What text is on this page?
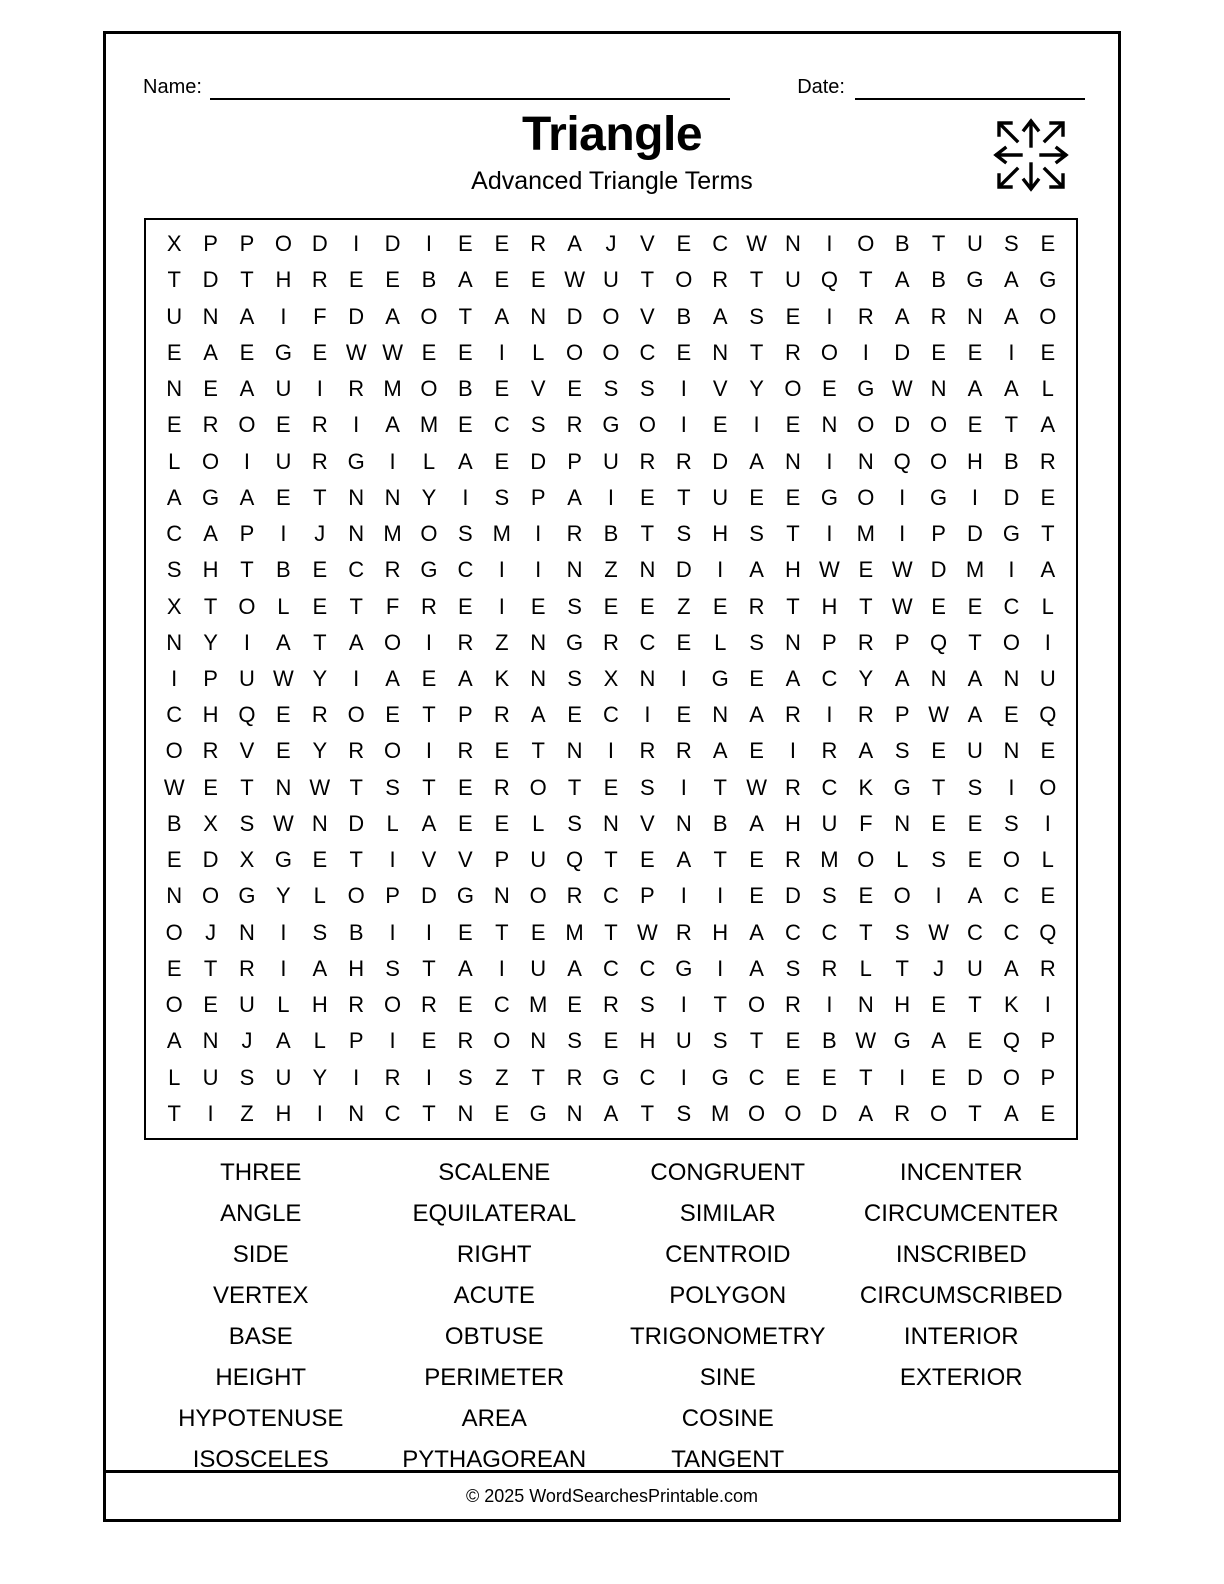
Name:	Date:
Triangle
Advanced Triangle Terms
X P P O D	I	D	I	E E R A	J	V E C W N	I	O B	T U S E
T D T H R E E B A E E W U T O R T U Q T	A B G A G
U N A	I	F D A O T	A N D O V B A S E	I	R A R N A O
E A E G E W W E E	I	L O O C E N T R O	I	D E E	I	E
N E A U	I	R M O B E V E S S	I	V Y O E G W N A A	L
E R O E R	I	A M E C S R G O	I	E	I	E N O D O E	T	A
L O	I	U R G	I	L	A E D P U R R D A N	I	N Q O H B R
A G A E	T N N Y	I	S P A	I	E	T U E E G O	I	G	I	D E
C A P	I	J	N M O S M	I	R B	T	S H S	T	I	M	I	P D G T
S H T	B E C R G C	I	I	N Z N D	I	A H W E W D M	I	A
X	T O L	E	T	F R E	I	E S E E	Z	E R T H T W E E C	L
N Y	I	A	T	A O	I	R Z N G R C E	L	S N P R P Q T O	I
I	P U W Y	I	A E A K N S X N	I	G E A C Y A N A N U
C H Q E R O E	T	P R A E C	I	E N A R	I	R P W A E Q
O R V E Y R O	I	R E	T N	I	R R A E	I	R A S E U N E
W E	T N W T	S	T	E R O T	E S	I	T W R C K G T	S	I	O
B X S W N D	L	A E E	L	S N V N B A H U F N E E S	I
E D X G E	T	I	V V P U Q T	E A	T	E R M O L	S E O L
N O G Y	L O P D G N O R C P	I	I	E D S E O	I	A C E
O	J	N	I	S B	I	I	E	T	E M T W R H A C C T	S W C C Q
E	T R	I	A H S	T	A	I	U A C C G	I	A S R	L	T	J	U A R
O E U	L	H R O R E C M E R S	I	T O R	I	N H E	T	K	I
A N	J	A	L	P	I	E R O N S E H U S	T	E B W G A E Q P
L	U S U Y	I	R	I	S	Z	T R G C	I	G C E E	T	I	E D O P
T	I	Z H	I	N C T N E G N A	T	S M O O D A R O T	A E
THREE	SCALENE	CONGRUENT	INCENTER
ANGLE	EQUILATERAL	SIMILAR	CIRCUMCENTER
SIDE	RIGHT	CENTROID	INSCRIBED
VERTEX	ACUTE	POLYGON	CIRCUMSCRIBED
BASE	OBTUSE	TRIGONOMETRY	INTERIOR
HEIGHT	PERIMETER	SINE	EXTERIOR
HYPOTENUSE	AREA	COSINE
ISOSCELES	PYTHAGOREAN	TANGENT
© 2025 WordSearchesPrintable.com
